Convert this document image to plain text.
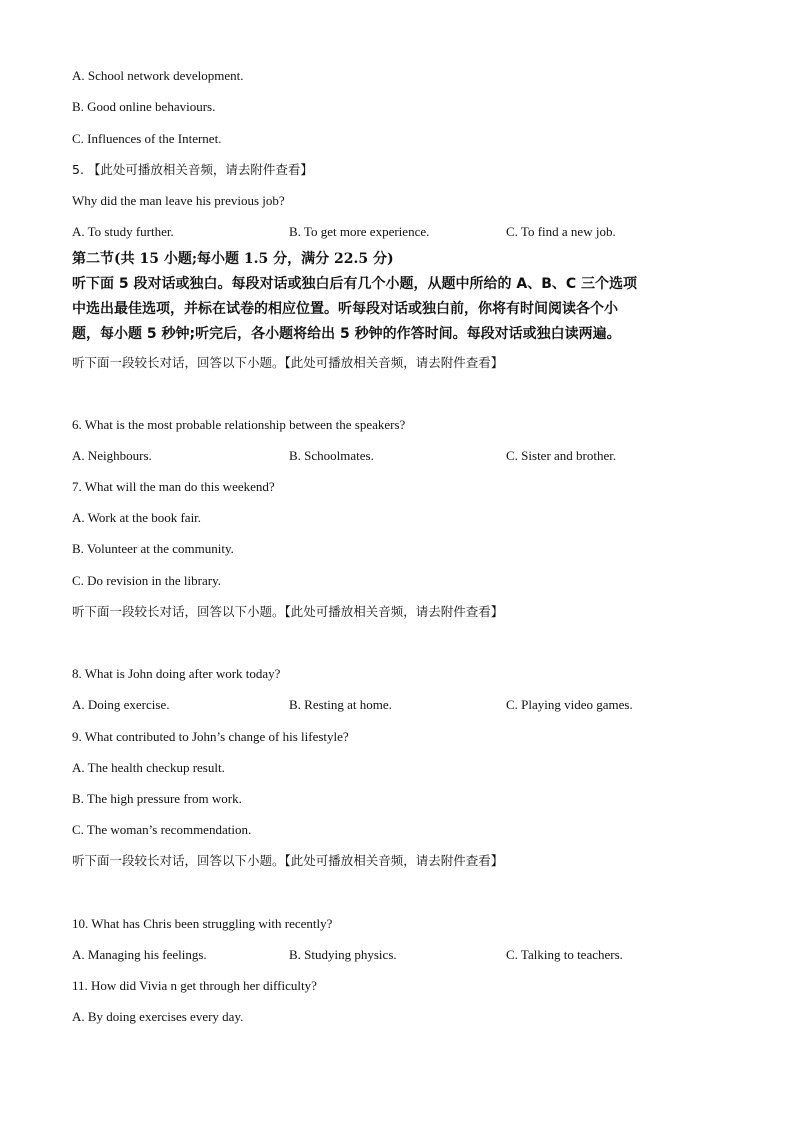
A. School network development.
B. Good online behaviours.
C. Influences of the Internet.
5. 【此处可播放相关音频，请去附件查看】
Why did the man leave his previous job?
A. To study further.	B. To get more experience.	C. To find a new job.
第二节(共 15 小题;每小题 1.5 分，满分 22.5 分)
听下面 5 段对话或独白。每段对话或独白后有几个小题，从题中所给的 A、B、C 三个选项
中选出最佳选项，并标在试卷的相应位置。听每段对话或独白前，你将有时间阅读各个小
题，每小题 5 秒钟;听完后，各小题将给出 5 秒钟的作答时间。每段对话或独白读两遍。
听下面一段较长对话，回答以下小题。【此处可播放相关音频，请去附件查看】
6. What is the most probable relationship between the speakers?
A. Neighbours.	B. Schoolmates.	C. Sister and brother.
7. What will the man do this weekend?
A. Work at the book fair.
B. Volunteer at the community.
C. Do revision in the library.
听下面一段较长对话，回答以下小题。【此处可播放相关音频，请去附件查看】
8. What is John doing after work today?
A. Doing exercise.	B. Resting at home.	C. Playing video games.
9. What contributed to John’s change of his lifestyle?
A. The health checkup result.
B. The high pressure from work.
C. The woman’s recommendation.
听下面一段较长对话，回答以下小题。【此处可播放相关音频，请去附件查看】
10. What has Chris been struggling with recently?
A. Managing his feelings.	B. Studying physics.	C. Talking to teachers.
11. How did Vivia n get through her difficulty?
A. By doing exercises every day.
